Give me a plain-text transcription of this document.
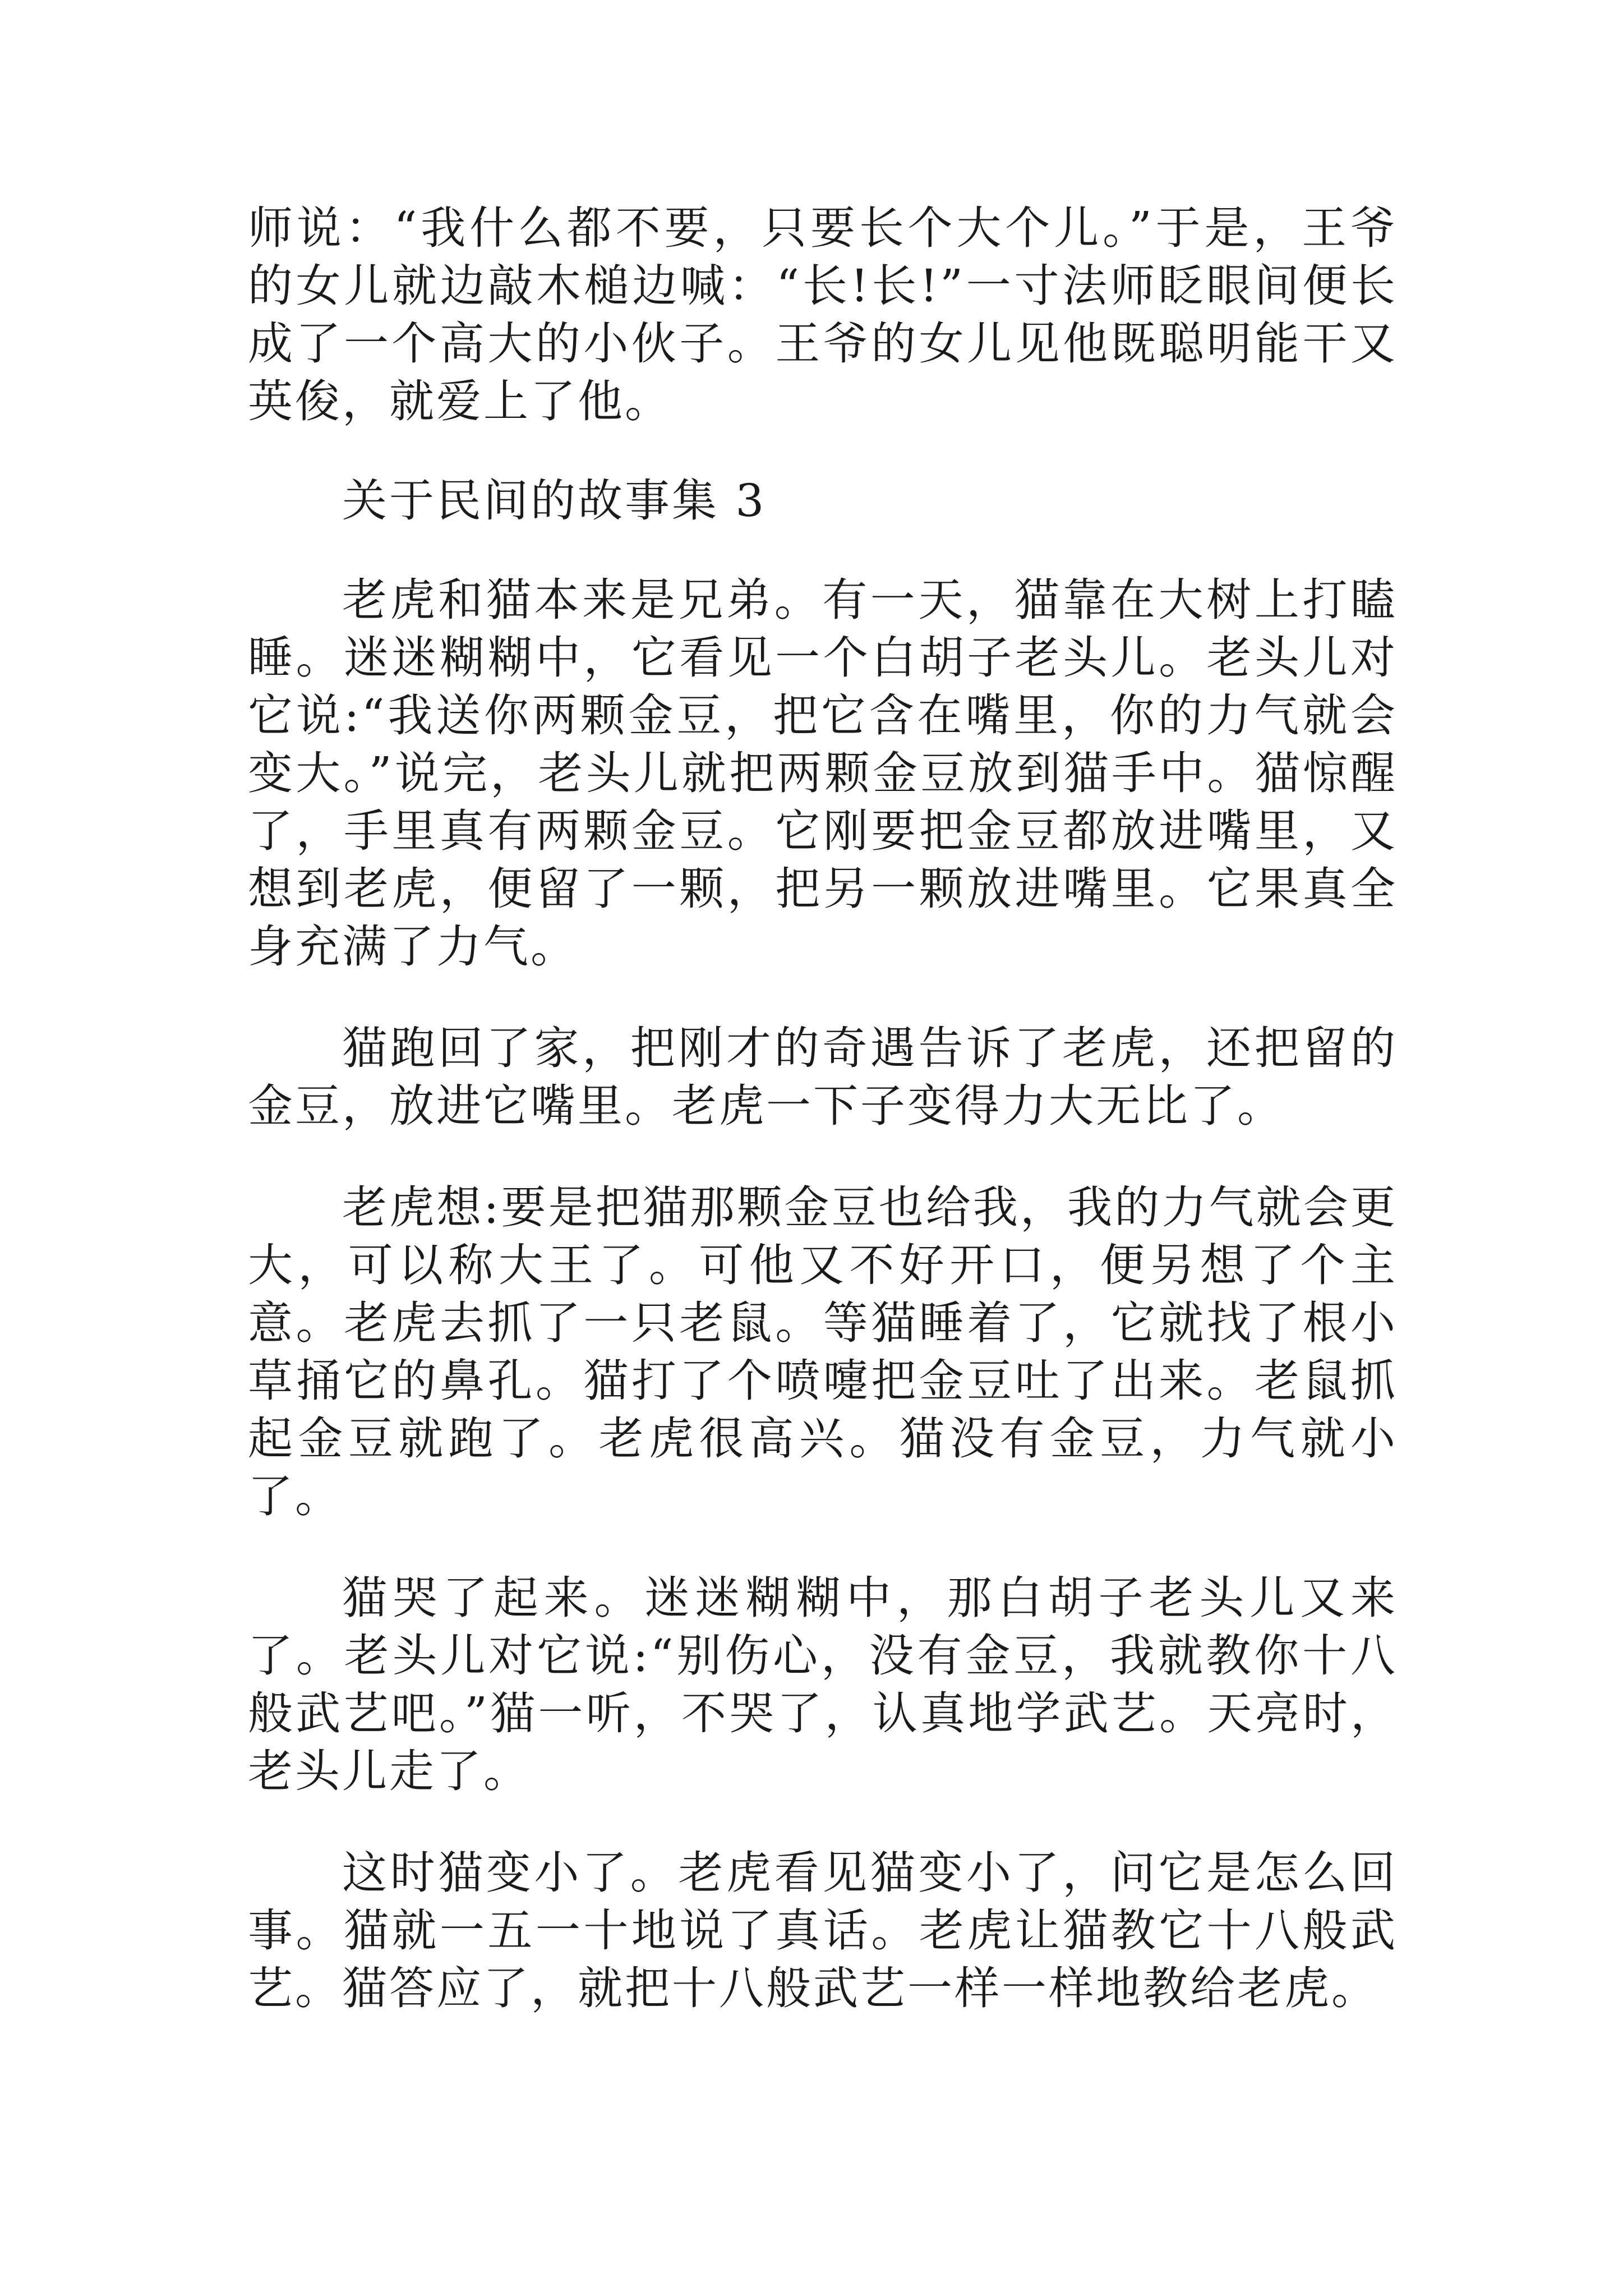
师说：“我什么都不要，只要长个大个儿。”于是，王爷的女儿就边敲木槌边喊：“长!长!”一寸法师眨眼间便长成了一个高大的小伙子。王爷的女儿见他既聪明能干又英俊，就爱上了他。

关于民间的故事集 3

老虎和猫本来是兄弟。有一天，猫靠在大树上打瞌睡。迷迷糊糊中，它看见一个白胡子老头儿。老头儿对它说:“我送你两颗金豆，把它含在嘴里，你的力气就会变大。”说完，老头儿就把两颗金豆放到猫手中。猫惊醒了，手里真有两颗金豆。它刚要把金豆都放进嘴里，又想到老虎，便留了一颗，把另一颗放进嘴里。它果真全身充满了力气。

猫跑回了家，把刚才的奇遇告诉了老虎，还把留的金豆，放进它嘴里。老虎一下子变得力大无比了。

老虎想:要是把猫那颗金豆也给我，我的力气就会更大，可以称大王了。可他又不好开口，便另想了个主意。老虎去抓了一只老鼠。等猫睡着了，它就找了根小草捅它的鼻孔。猫打了个喷嚏把金豆吐了出来。老鼠抓起金豆就跑了。老虎很高兴。猫没有金豆，力气就小了。

猫哭了起来。迷迷糊糊中，那白胡子老头儿又来了。老头儿对它说:“别伤心，没有金豆，我就教你十八般武艺吧。”猫一听，不哭了，认真地学武艺。天亮时，老头儿走了。

这时猫变小了。老虎看见猫变小了，问它是怎么回事。猫就一五一十地说了真话。老虎让猫教它十八般武艺。猫答应了，就把十八般武艺一样一样地教给老虎。
